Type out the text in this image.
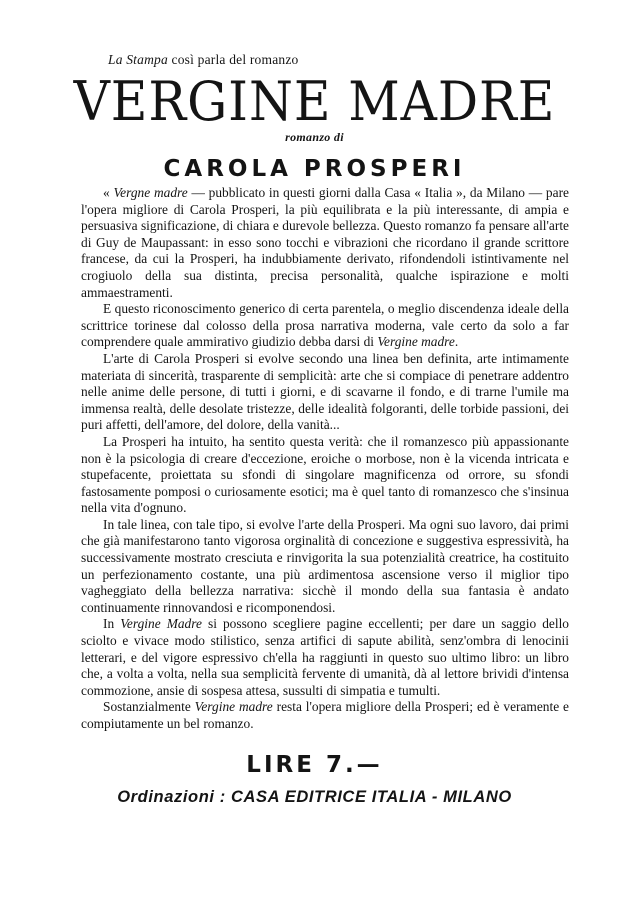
La Stampa così parla del romanzo
VERGINE MADRE
romanzo di
CAROLA PROSPERI

« Vergne madre — pubblicato in questi giorni dalla Casa « Italia », da Milano — pare l'opera migliore di Carola Prosperi, la più equilibrata e la più interessante, di ampia e persuasiva significazione, di chiara e durevole bellezza. Questo romanzo fa pensare all'arte di Guy de Maupassant: in esso sono tocchi e vibrazioni che ricordano il grande scrittore francese, da cui la Prosperi, ha indubbiamente derivato, rifondendoli istintivamente nel crogiuolo della sua distinta, precisa personalità, qualche ispirazione e molti ammaestramenti.

E questo riconoscimento generico di certa parentela, o meglio discendenza ideale della scrittrice torinese dal colosso della prosa narrativa moderna, vale certo da solo a far comprendere quale ammirativo giudizio debba darsi di Vergine madre.

L'arte di Carola Prosperi si evolve secondo una linea ben definita, arte intimamente materiata di sincerità, trasparente di semplicità: arte che si compiace di penetrare addentro nelle anime delle persone, di tutti i giorni, e di scavarne il fondo, e di trarne l'umile ma immensa realtà, delle desolate tristezze, delle idealità folgoranti, delle torbide passioni, dei puri affetti, dell'amore, del dolore, della vanità...

La Prosperi ha intuito, ha sentito questa verità: che il romanzesco più appassionante non è la psicologia di creare d'eccezione, eroiche o morbose, non è la vicenda intricata e stupefacente, proiettata su sfondi di singolare magnificenza od orrore, su sfondi fastosamente pomposi o curiosamente esotici; ma è quel tanto di romanzesco che s'insinua nella vita d'ognuno.

In tale linea, con tale tipo, si evolve l'arte della Prosperi. Ma ogni suo lavoro, dai primi che già manifestarono tanto vigorosa orginalità di concezione e suggestiva espressività, ha successivamente mostrato cresciuta e rinvigorita la sua potenzialità creatrice, ha costituito un perfezionamento costante, una più ardimentosa ascensione verso il miglior tipo vagheggiato della bellezza narrativa: sicchè il mondo della sua fantasia è andato continuamente rinnovandosi e ricomponendosi.

In Vergine Madre si possono scegliere pagine eccellenti; per dare un saggio dello sciolto e vivace modo stilistico, senza artifici di sapute abilità, senz'ombra di lenocinii letterari, e del vigore espressivo ch'ella ha raggiunti in questo suo ultimo libro: un libro che, a volta a volta, nella sua semplicità fervente di umanità, dà al lettore brividi d'intensa commozione, ansie di sospesa attesa, sussulti di simpatia e tumulti.

Sostanzialmente Vergine madre resta l'opera migliore della Prosperi; ed è veramente e compiutamente un bel romanzo.

LIRE 7.—
Ordinazioni : CASA EDITRICE ITALIA - MILANO
